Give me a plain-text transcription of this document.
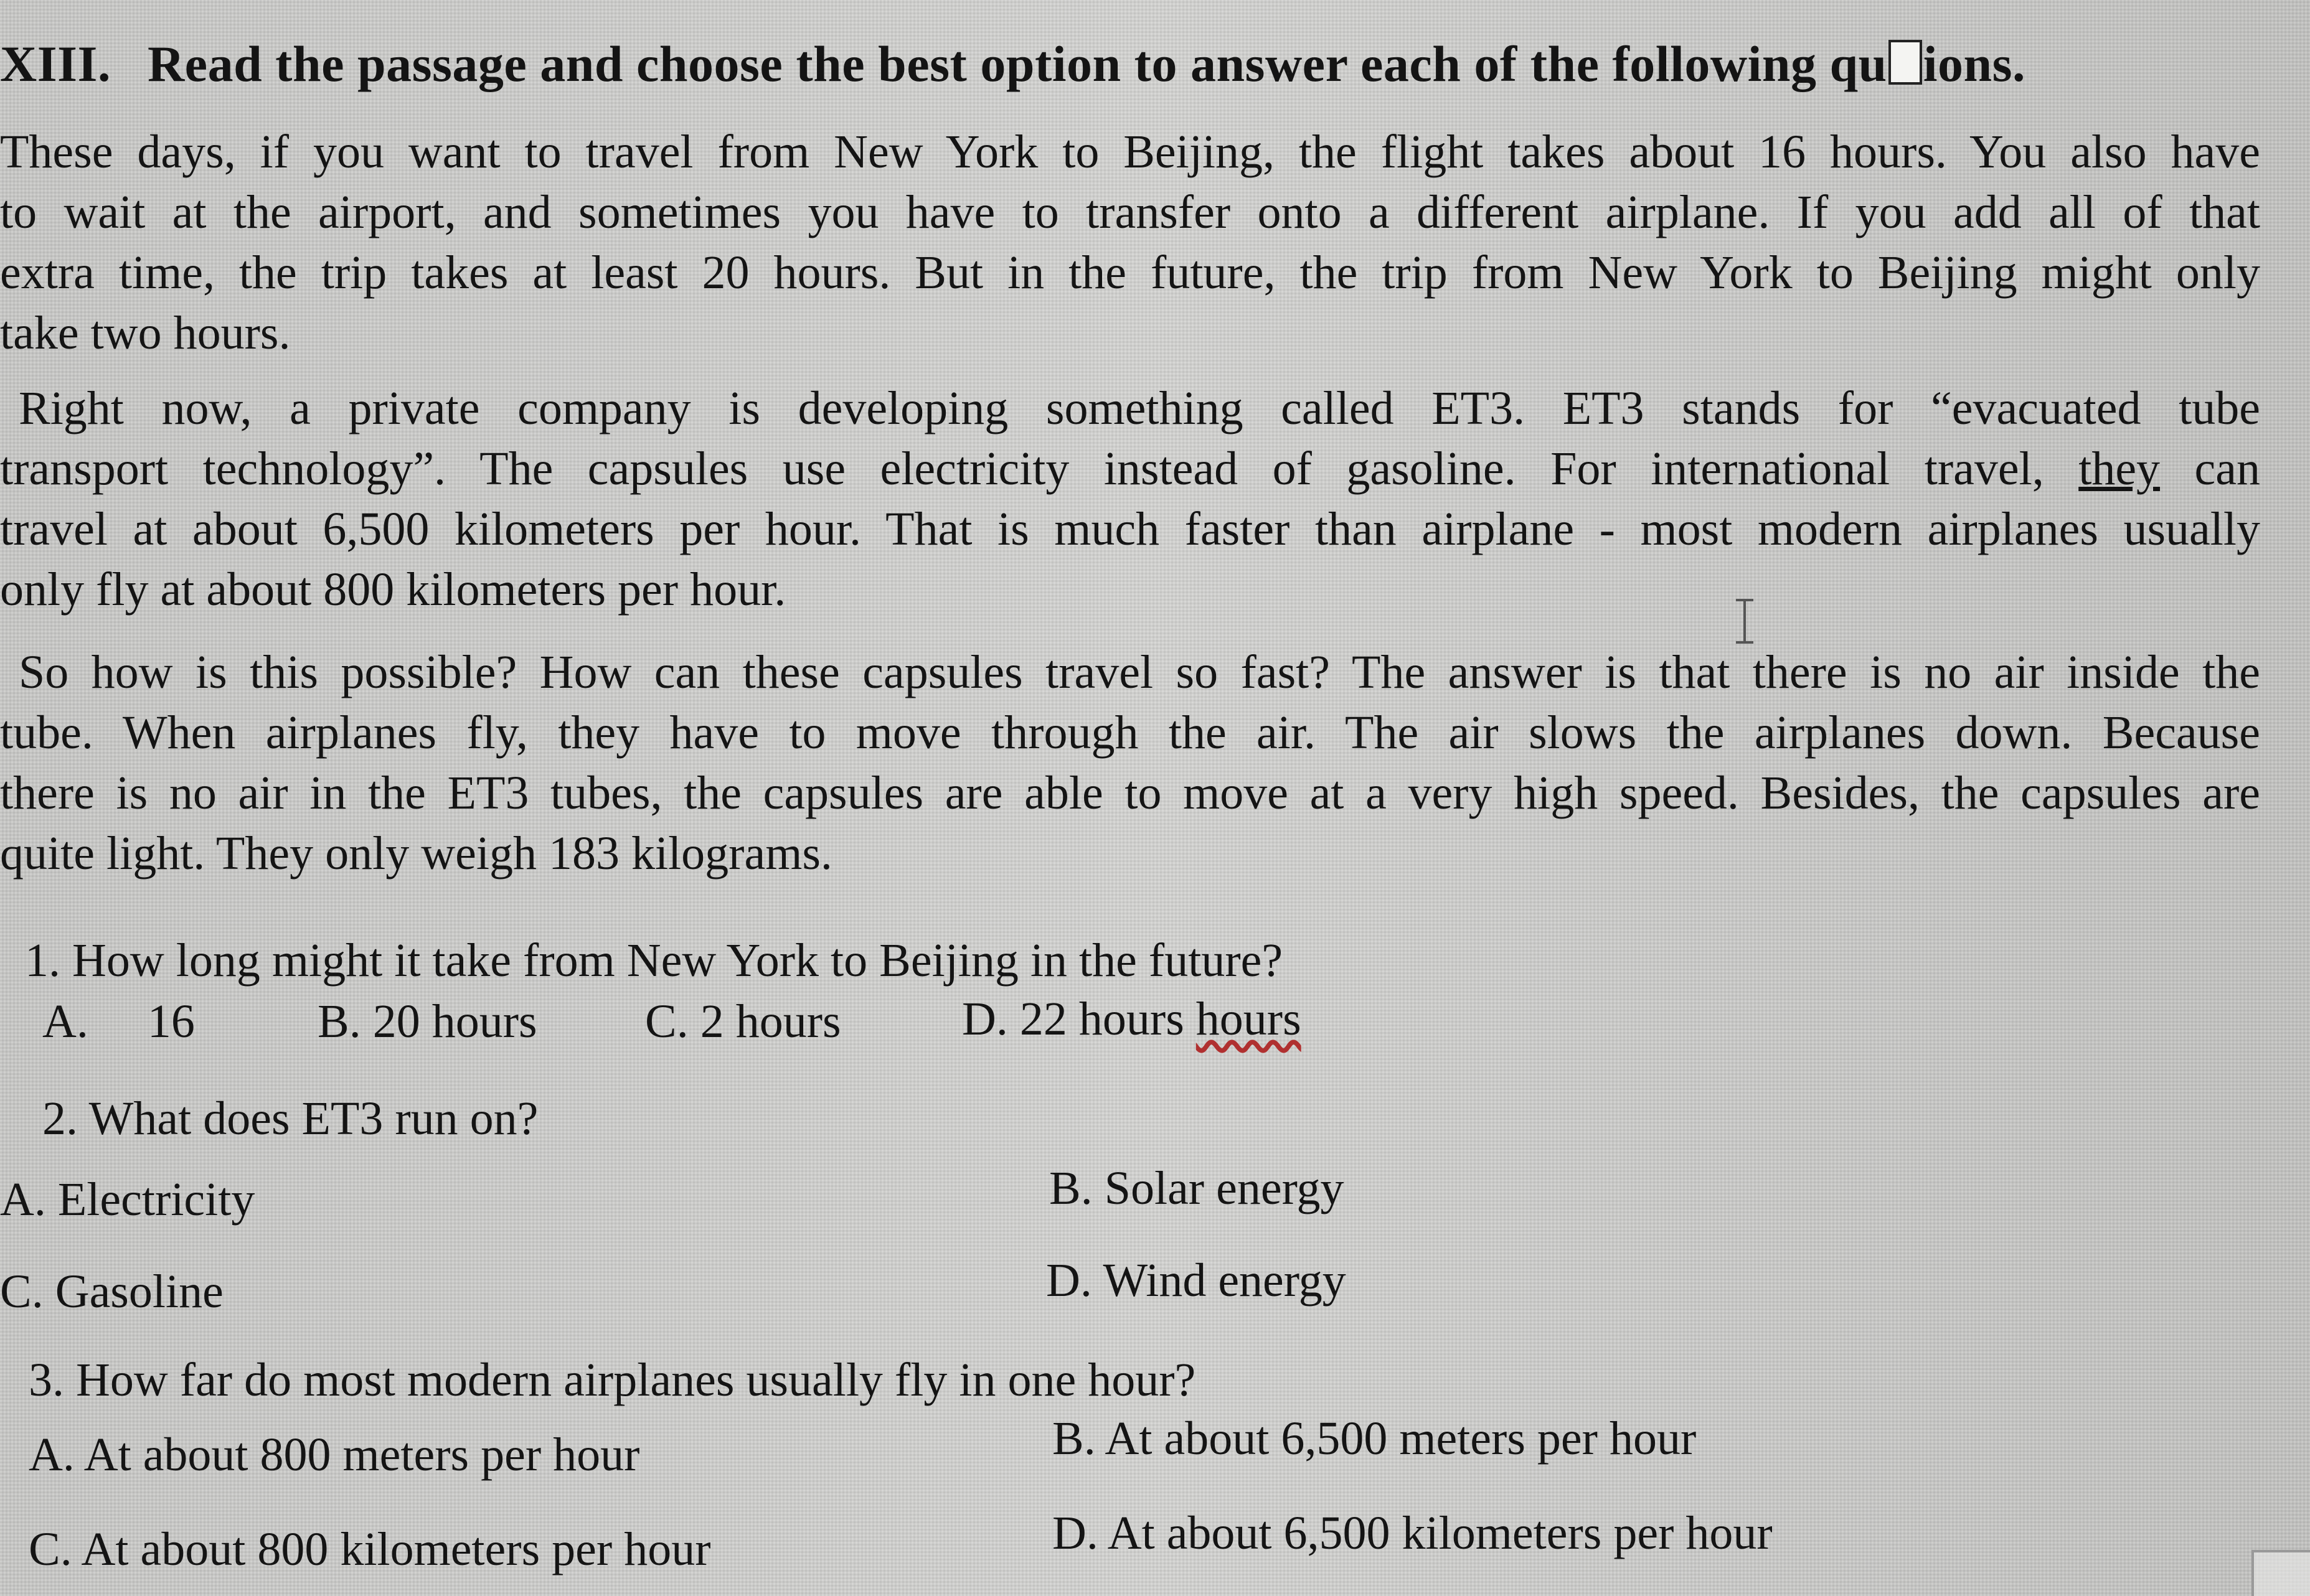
XIII. Read the passage and choose the best option to answer each of the following qu ions.
These days, if you want to travel from New York to Beijing, the flight takes about 16 hours. You also have
to wait at the airport, and sometimes you have to transfer onto a different airplane. If you add all of that
extra time, the trip takes at least 20 hours. But in the future, the trip from New York to Beijing might only
take two hours.
Right now, a private company is developing something called ET3. ET3 stands for “evacuated tube
transport technology”. The capsules use electricity instead of gasoline. For international travel, they can
travel at about 6,500 kilometers per hour. That is much faster than airplane - most modern airplanes usually
only fly at about 800 kilometers per hour.
So how is this possible? How can these capsules travel so fast? The answer is that there is no air inside the
tube. When airplanes fly, they have to move through the air. The air slows the airplanes down. Because
there is no air in the ET3 tubes, the capsules are able to move at a very high speed. Besides, the capsules are
quite light. They only weigh 183 kilograms.
1. How long might it take from New York to Beijing in the future?
A.     16	B. 20 hours C. 2 hours	D. 22 hours hours
2. What does ET3 run on?
A. Electricity	B. Solar energy
C. Gasoline	D. Wind energy
3. How far do most modern airplanes usually fly in one hour?
A. At about 800 meters per hour	B. At about 6,500 meters per hour
C. At about 800 kilometers per hour	D. At about 6,500 kilometers per hour
